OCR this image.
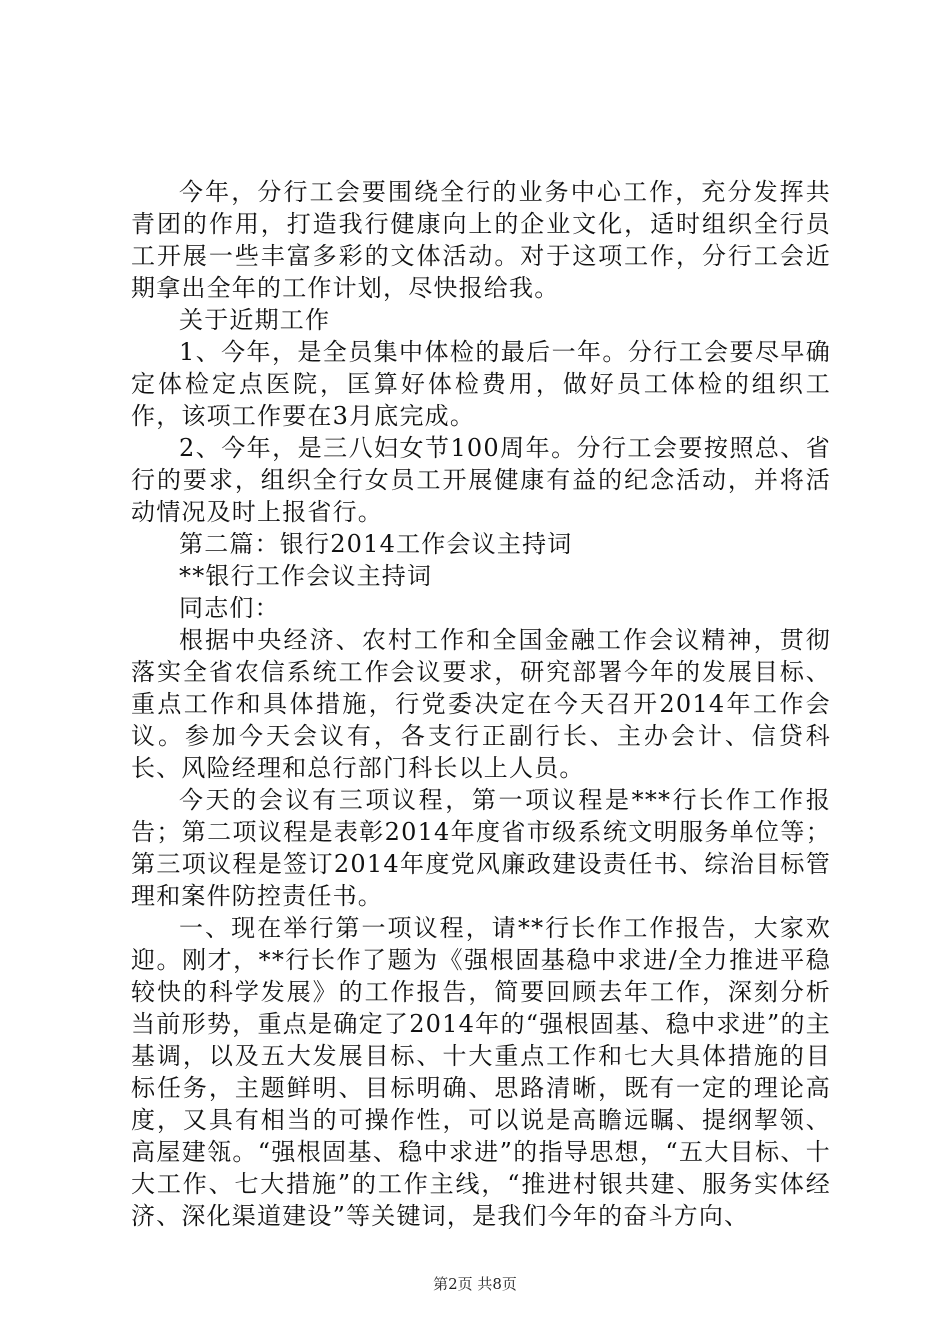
今年，分行工会要围绕全行的业务中心工作，充分发挥共青团的作用，打造我行健康向上的企业文化，适时组织全行员工开展一些丰富多彩的文体活动。对于这项工作，分行工会近期拿出全年的工作计划，尽快报给我。

关于近期工作

1、今年，是全员集中体检的最后一年。分行工会要尽早确定体检定点医院，匡算好体检费用，做好员工体检的组织工作，该项工作要在3月底完成。

2、今年，是三八妇女节100周年。分行工会要按照总、省行的要求，组织全行女员工开展健康有益的纪念活动，并将活动情况及时上报省行。

第二篇：银行2014工作会议主持词

**银行工作会议主持词

同志们：

根据中央经济、农村工作和全国金融工作会议精神，贯彻落实全省农信系统工作会议要求，研究部署今年的发展目标、重点工作和具体措施，行党委决定在今天召开2014年工作会议。参加今天会议有，各支行正副行长、主办会计、信贷科长、风险经理和总行部门科长以上人员。

今天的会议有三项议程，第一项议程是***行长作工作报告；第二项议程是表彰2014年度省市级系统文明服务单位等；第三项议程是签订2014年度党风廉政建设责任书、综治目标管理和案件防控责任书。

一、现在举行第一项议程，请**行长作工作报告，大家欢迎。刚才，**行长作了题为《强根固基稳中求进/全力推进平稳较快的科学发展》的工作报告，简要回顾去年工作，深刻分析当前形势，重点是确定了2014年的“强根固基、稳中求进”的主基调，以及五大发展目标、十大重点工作和七大具体措施的目标任务，主题鲜明、目标明确、思路清晰，既有一定的理论高度，又具有相当的可操作性，可以说是高瞻远瞩、提纲挈领、高屋建瓴。“强根固基、稳中求进”的指导思想，“五大目标、十大工作、七大措施”的工作主线，“推进村银共建、服务实体经济、深化渠道建设”等关键词，是我们今年的奋斗方向、

第2页 共8页
